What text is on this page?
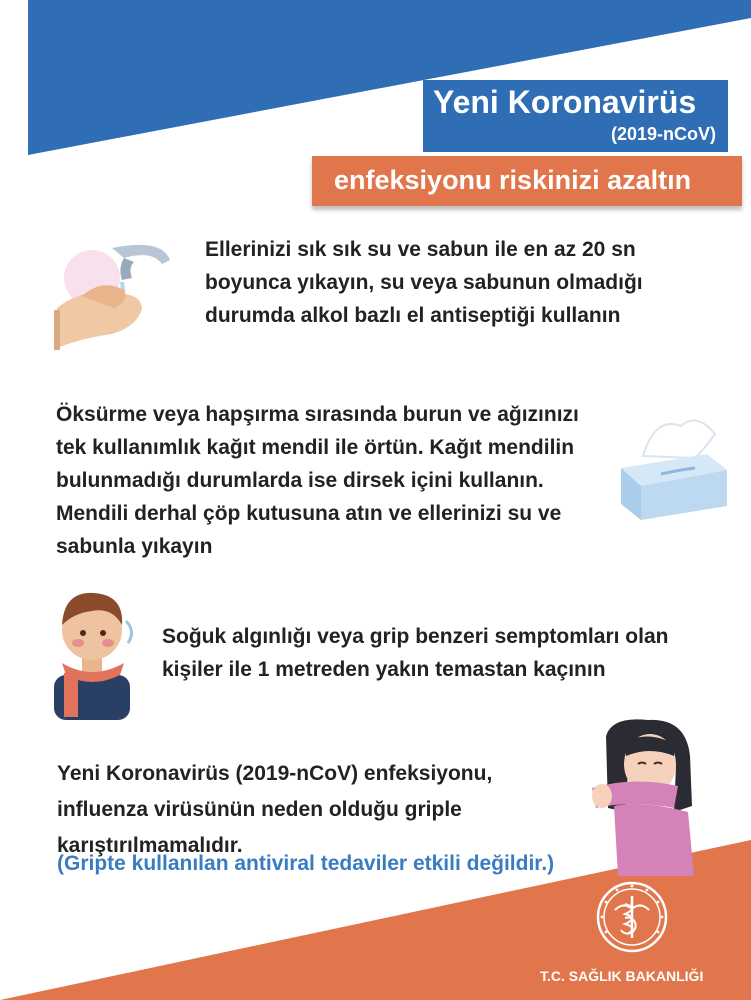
Yeni Koronavirüs
(2019-nCoV)
enfeksiyonu riskinizi azaltın
Ellerinizi sık sık su ve sabun ile en az 20 sn
boyunca yıkayın, su veya sabunun olmadığı
durumda alkol bazlı el antiseptiği kullanın
Öksürme veya hapşırma sırasında burun ve ağızınızı
tek kullanımlık kağıt mendil ile örtün. Kağıt mendilin
bulunmadığı durumlarda ise dirsek içini kullanın.
Mendili derhal çöp kutusuna atın ve ellerinizi su ve
sabunla yıkayın
Soğuk algınlığı veya grip benzeri semptomları olan
kişiler ile 1 metreden yakın temastan kaçının
Yeni Koronavirüs (2019-nCoV) enfeksiyonu,
influenza virüsünün neden olduğu griple
karıştırılmamalıdır.
(Gripte kullanılan antiviral tedaviler etkili değildir.)
T.C. SAĞLIK BAKANLIĞI
